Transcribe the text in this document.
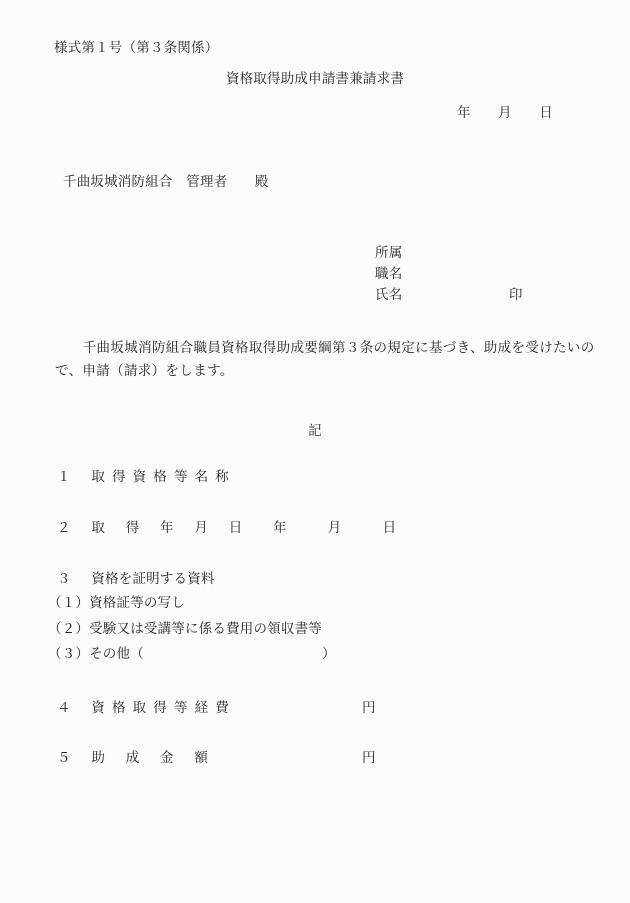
様式第１号（第３条関係）
資格取得助成申請書兼請求書
年　　月　　日
千曲坂城消防組合　管理者　　殿
所属
職名
氏名	印
　　千曲坂城消防組合職員資格取得助成要綱第３条の規定に基づき、助成を受けたいの
で、申請（請求）をします。
記
１　 取 得 資 格 等 名 称
２　 取　 得　 年　 月　 日 年　　　月　　　日
３　 資格を証明する資料
（１）資格証等の写し
（２）受験又は受講等に係る費用の領収書等
（３）その他（　　　　　　　　　　　　　）
４　 資 格 取 得 等 経 費	円
５　 助　 成　 金　 額	円
